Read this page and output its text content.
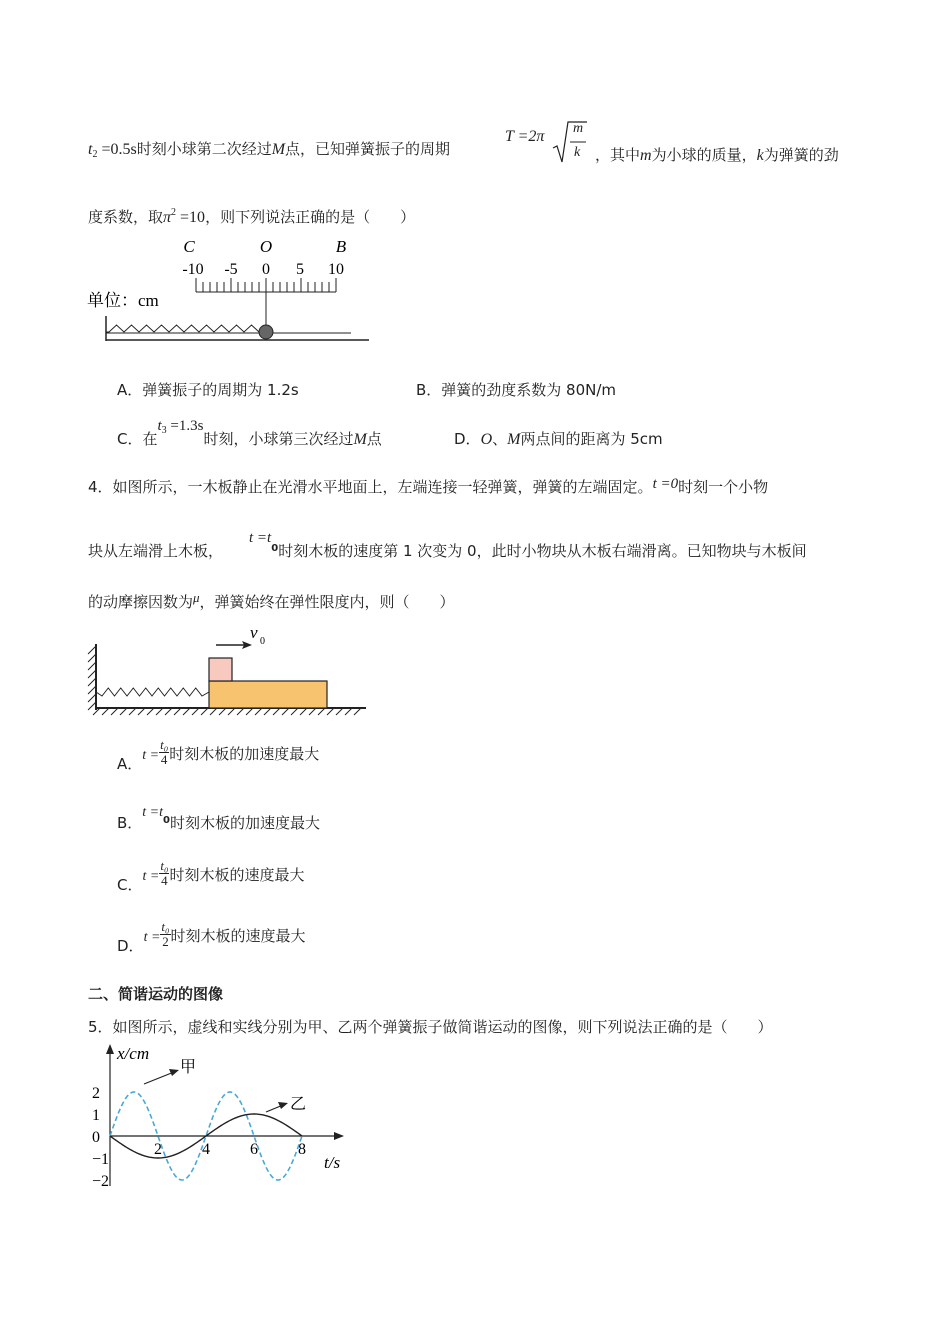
$t_2 =0.5s$时刻小球第二次经过M点，已知弹簧振子的周期
T =2π m
k ，其中m为小球的质量，k为弹簧的劲
度系数，取$\pi^2 =10$，则下列说法正确的是（　　）
C	O	B
-10 -5 0 5 10
单位：cm
A．弹簧振子的周期为 1.2s	B．弹簧的劲度系数为 80N/m
C．在$t_3 =1.3s$时刻，小球第三次经过M点	D．O、M两点间的距离为 5cm
4．如图所示，一木板静止在光滑水平地面上，左端连接一轻弹簧，弹簧的左端固定。t =0时刻一个小物
块从左端滑上木板，$t =t^0$时刻木板的速度第 1 次变为 0，此时小物块从木板右端滑离。已知物块与木板间
的动摩擦因数为μ，弹簧始终在弹性限度内，则（　　）
v 0
A．$t = \frac{\text{t₀}}{4}$ 时刻木板的加速度最大
B．$t =t_0$时刻木板的加速度最大
C．$t = \frac{\text{t₀}}{4}$ 时刻木板的速度最大
D．$t = \frac{\text{t₀}}{2}$ 时刻木板的速度最大
二、简谐运动的图像
5．如图所示，虚线和实线分别为甲、乙两个弹簧振子做简谐运动的图像，则下列说法正确的是（　　）
x/cm
t/s
2	4	6	8
2
1
0
−1
−2
甲
乙
